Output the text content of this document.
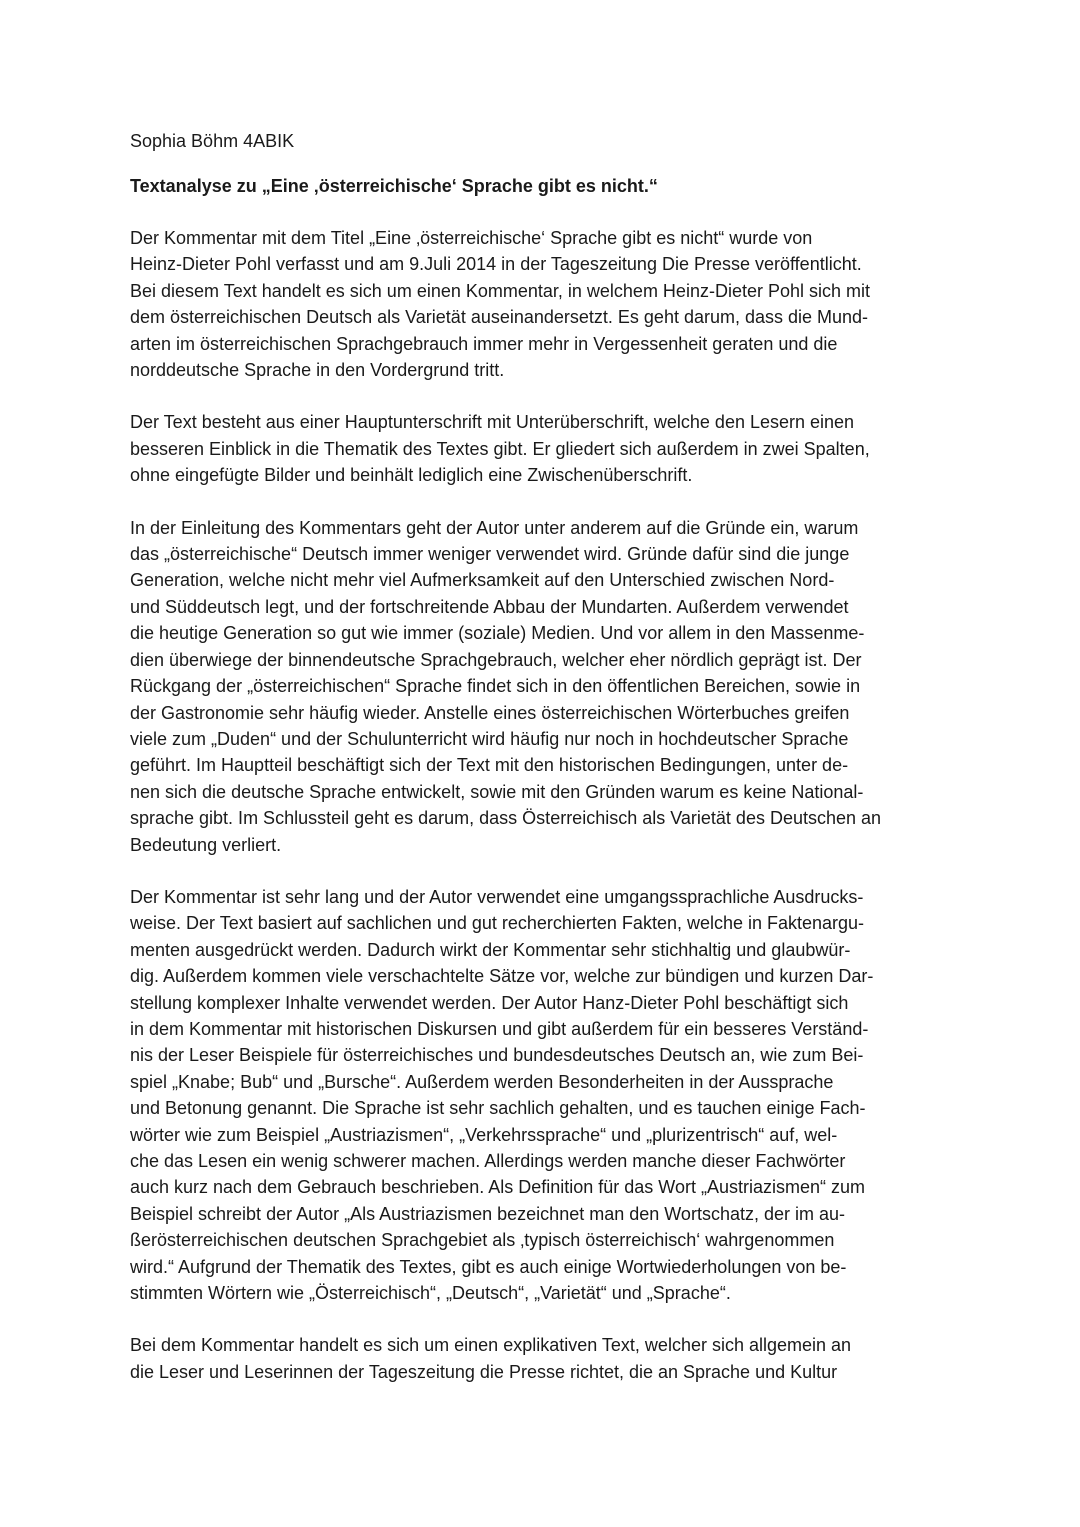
Sophia Böhm 4ABIK
Textanalyse zu „Eine ‚österreichische‘ Sprache gibt es nicht.“
Der Kommentar mit dem Titel „Eine ‚österreichische‘ Sprache gibt es nicht“ wurde von
Heinz-Dieter Pohl verfasst und am 9.Juli 2014 in der Tageszeitung Die Presse veröffentlicht.
Bei diesem Text handelt es sich um einen Kommentar, in welchem Heinz-Dieter Pohl sich mit
dem österreichischen Deutsch als Varietät auseinandersetzt. Es geht darum, dass die Mund-
arten im österreichischen Sprachgebrauch immer mehr in Vergessenheit geraten und die
norddeutsche Sprache in den Vordergrund tritt.
Der Text besteht aus einer Hauptunterschrift mit Unterüberschrift, welche den Lesern einen
besseren Einblick in die Thematik des Textes gibt. Er gliedert sich außerdem in zwei Spalten,
ohne eingefügte Bilder und beinhält lediglich eine Zwischenüberschrift.
In der Einleitung des Kommentars geht der Autor unter anderem auf die Gründe ein, warum
das „österreichische“ Deutsch immer weniger verwendet wird. Gründe dafür sind die junge
Generation, welche nicht mehr viel Aufmerksamkeit auf den Unterschied zwischen Nord-
und Süddeutsch legt, und der fortschreitende Abbau der Mundarten. Außerdem verwendet
die heutige Generation so gut wie immer (soziale) Medien. Und vor allem in den Massenme-
dien überwiege der binnendeutsche Sprachgebrauch, welcher eher nördlich geprägt ist. Der
Rückgang der „österreichischen“ Sprache findet sich in den öffentlichen Bereichen, sowie in
der Gastronomie sehr häufig wieder. Anstelle eines österreichischen Wörterbuches greifen
viele zum „Duden“ und der Schulunterricht wird häufig nur noch in hochdeutscher Sprache
geführt. Im Hauptteil beschäftigt sich der Text mit den historischen Bedingungen, unter de-
nen sich die deutsche Sprache entwickelt, sowie mit den Gründen warum es keine National-
sprache gibt. Im Schlussteil geht es darum, dass Österreichisch als Varietät des Deutschen an
Bedeutung verliert.
Der Kommentar ist sehr lang und der Autor verwendet eine umgangssprachliche Ausdrucks-
weise. Der Text basiert auf sachlichen und gut recherchierten Fakten, welche in Faktenargu-
menten ausgedrückt werden. Dadurch wirkt der Kommentar sehr stichhaltig und glaubwür-
dig. Außerdem kommen viele verschachtelte Sätze vor, welche zur bündigen und kurzen Dar-
stellung komplexer Inhalte verwendet werden. Der Autor Hanz-Dieter Pohl beschäftigt sich
in dem Kommentar mit historischen Diskursen und gibt außerdem für ein besseres Verständ-
nis der Leser Beispiele für österreichisches und bundesdeutsches Deutsch an, wie zum Bei-
spiel „Knabe; Bub“ und „Bursche“. Außerdem werden Besonderheiten in der Aussprache
und Betonung genannt. Die Sprache ist sehr sachlich gehalten, und es tauchen einige Fach-
wörter wie zum Beispiel „Austriazismen“, „Verkehrssprache“ und „plurizentrisch“ auf, wel-
che das Lesen ein wenig schwerer machen. Allerdings werden manche dieser Fachwörter
auch kurz nach dem Gebrauch beschrieben. Als Definition für das Wort „Austriazismen“ zum
Beispiel schreibt der Autor „Als Austriazismen bezeichnet man den Wortschatz, der im au-
ßerösterreichischen deutschen Sprachgebiet als ‚typisch österreichisch‘ wahrgenommen
wird.“ Aufgrund der Thematik des Textes, gibt es auch einige Wortwiederholungen von be-
stimmten Wörtern wie „Österreichisch“, „Deutsch“, „Varietät“ und „Sprache“.
Bei dem Kommentar handelt es sich um einen explikativen Text, welcher sich allgemein an
die Leser und Leserinnen der Tageszeitung die Presse richtet, die an Sprache und Kultur
